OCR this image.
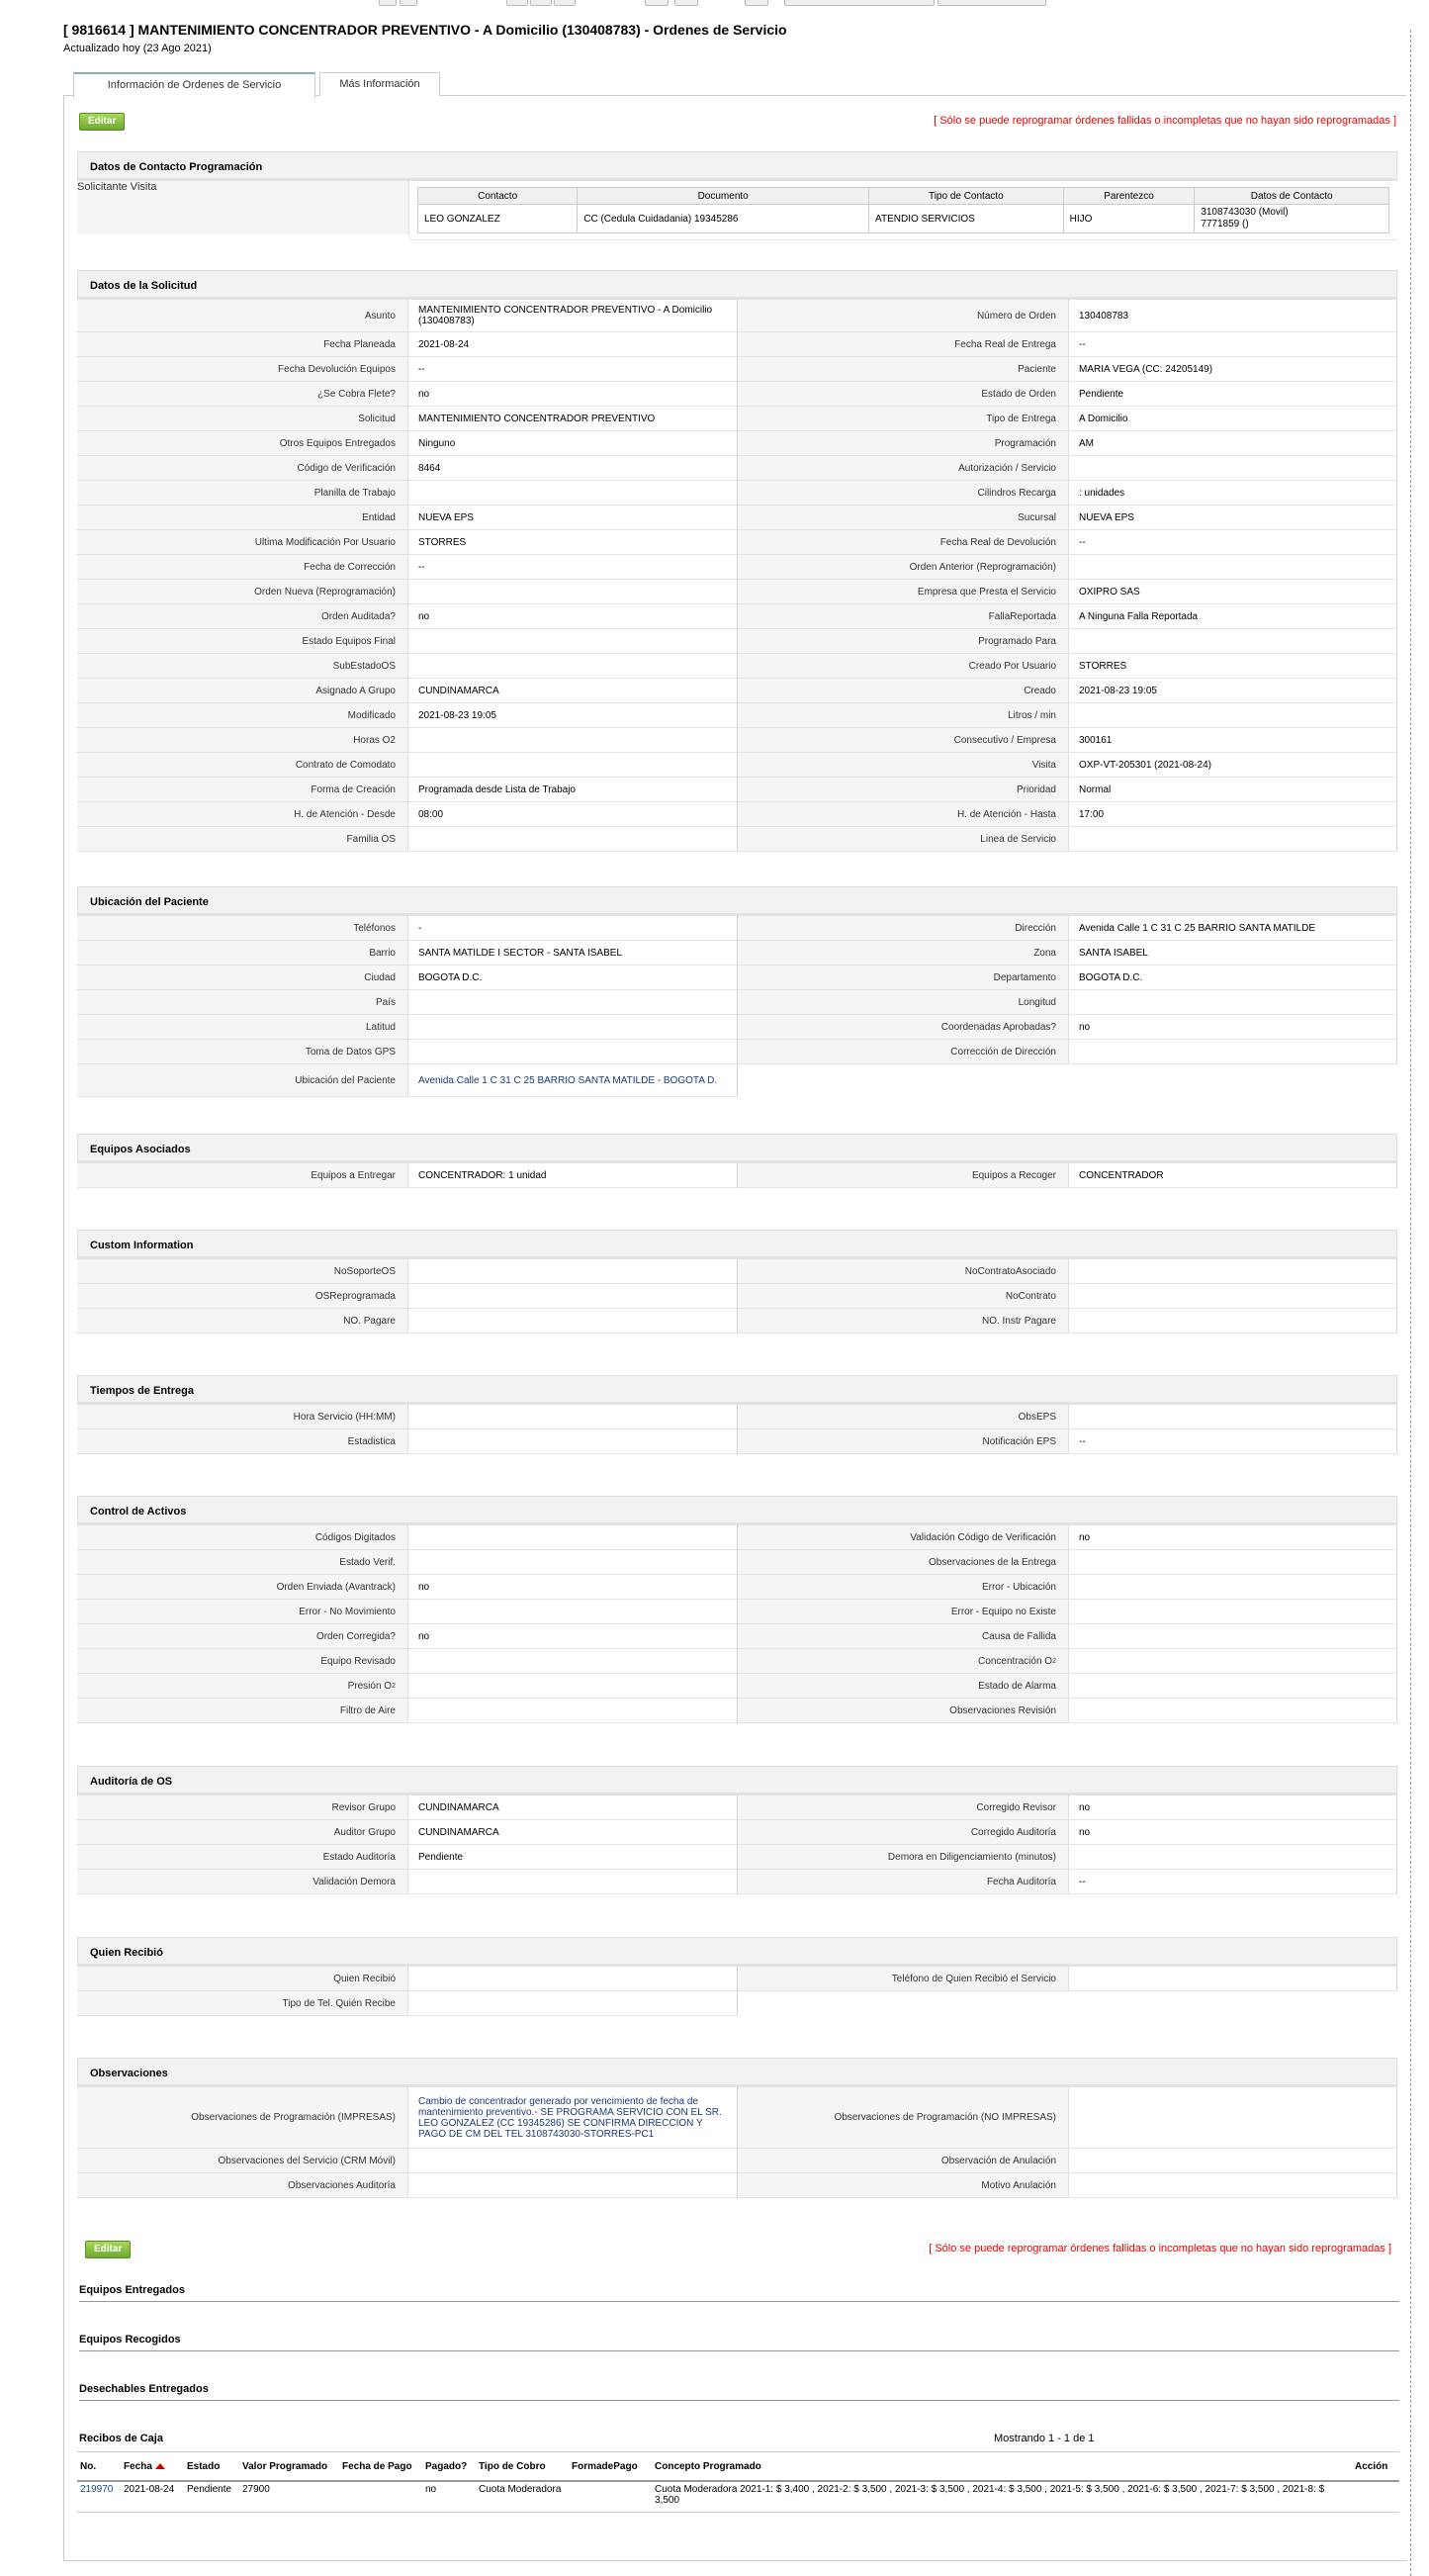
[ 9816614 ] MANTENIMIENTO CONCENTRADOR PREVENTIVO - A Domicilio (130408783) - Ordenes de Servicio
Actualizado hoy (23 Ago 2021)
Información de Ordenes de Servicio	Más Información
Editar	[ Sólo se puede reprogramar órdenes fallidas o incompletas que no hayan sido reprogramadas ]
Datos de Contacto Programación
Solicitante Visita
Contacto	Documento	Tipo de Contacto	Parentezco	Datos de Contacto
LEO GONZALEZ	CC (Cedula Cuidadania) 19345286	ATENDIO SERVICIOS	HIJO	3108743030 (Movil)
7771859 ()
Datos de la Solicitud
Asunto MANTENIMIENTO CONCENTRADOR PREVENTIVO - A Domicilio (130408783)	Número de Orden 130408783
Fecha Planeada 2021-08-24	Fecha Real de Entrega --
Fecha Devolución Equipos --	Paciente MARIA VEGA (CC: 24205149)
¿Se Cobra Flete? no	Estado de Orden Pendiente
Solicitud MANTENIMIENTO CONCENTRADOR PREVENTIVO	Tipo de Entrega A Domicilio
Otros Equipos Entregados Ninguno	Programación AM
Código de Verificación 8464	Autorización / Servicio
Planilla de Trabajo	Cilindros Recarga : unidades
Entidad NUEVA EPS	Sucursal NUEVA EPS
Ultima Modificación Por Usuario STORRES	Fecha Real de Devolución --
Fecha de Corrección --	Orden Anterior (Reprogramación)
Orden Nueva (Reprogramación)	Empresa que Presta el Servicio OXIPRO SAS
Orden Auditada? no	FallaReportada A Ninguna Falla Reportada
Estado Equipos Final	Programado Para
SubEstadoOS	Creado Por Usuario STORRES
Asignado A Grupo CUNDINAMARCA	Creado 2021-08-23 19:05
Modificado 2021-08-23 19:05	Litros / min
Horas O2	Consecutivo / Empresa 300161
Contrato de Comodato	Visita OXP-VT-205301 (2021-08-24)
Forma de Creación Programada desde Lista de Trabajo	Prioridad Normal
H. de Atención - Desde 08:00	H. de Atención - Hasta 17:00
Familia OS	Linea de Servicio
Ubicación del Paciente
Teléfonos -	Dirección Avenida Calle 1 C 31 C 25 BARRIO SANTA MATILDE
Barrio SANTA MATILDE I SECTOR - SANTA ISABEL	Zona SANTA ISABEL
Ciudad BOGOTA D.C.	Departamento BOGOTA D.C.
País	Longitud
Latitud	Coordenadas Aprobadas? no
Toma de Datos GPS	Corrección de Dirección
Ubicación del Paciente	Avenida Calle 1 C 31 C 25 BARRIO SANTA MATILDE - BOGOTA D.
Equipos Asociados
Equipos a Entregar CONCENTRADOR: 1 unidad	Equipos a Recoger CONCENTRADOR
Custom Information
NoSoporteOS	NoContratoAsociado
OSReprogramada	NoContrato
NO. Pagare	NO. Instr Pagare
Tiempos de Entrega
Hora Servicio (HH:MM)	ObsEPS
Estadistica	Notificación EPS --
Control de Activos
Códigos Digitados	Validación Código de Verificación no
Estado Verif.	Observaciones de la Entrega
Orden Enviada (Avantrack) no	Error - Ubicación
Error - No Movimiento	Error - Equipo no Existe
Orden Corregida? no	Causa de Fallida
Equipo Revisado	Concentración O 2
Presión O 2	Estado de Alarma
Filtro de Aire	Observaciones Revisión
Auditoría de OS
Revisor Grupo CUNDINAMARCA	Corregido Revisor no
Auditor Grupo CUNDINAMARCA	Corregido Auditoría no
Estado Auditoría Pendiente	Demora en Diligenciamiento (minutos)
Validación Demora	Fecha Auditoría --
Quien Recibió
Quien Recibió	Teléfono de Quien Recibió el Servicio
Tipo de Tel. Quién Recibe
Observaciones
Observaciones de Programación (IMPRESAS)
Cambio de concentrador generado por vencimiento de fecha de mantenimiento preventivo.- SE PROGRAMA SERVICIO CON EL SR. LEO GONZALEZ (CC 19345286) SE CONFIRMA DIRECCION Y PAGO DE CM DEL TEL 3108743030-STORRES-PC1
Observaciones de Programación (NO IMPRESAS)
Observaciones del Servicio (CRM Móvil)	Observación de Anulación
Observaciones Auditoría	Motivo Anulación
Editar	[ Sólo se puede reprogramar órdenes fallidas o incompletas que no hayan sido reprogramadas ]
Equipos Entregados
Equipos Recogidos
Desechables Entregados
Recibos de Caja	Mostrando 1 - 1 de 1
No.	Fecha	Estado	Valor Programado	Fecha de Pago	Pagado?	Tipo de Cobro	FormadePago	Concepto Programado	Acción
219970	2021-08-24	Pendiente	27900		no	Cuota Moderadora		Cuota Moderadora 2021-1: $ 3,400 , 2021-2: $ 3,500 , 2021-3: $ 3,500 , 2021-4: $ 3,500 , 2021-5: $ 3,500 , 2021-6: $ 3,500 , 2021-7: $ 3,500 , 2021-8: $ 3,500	
